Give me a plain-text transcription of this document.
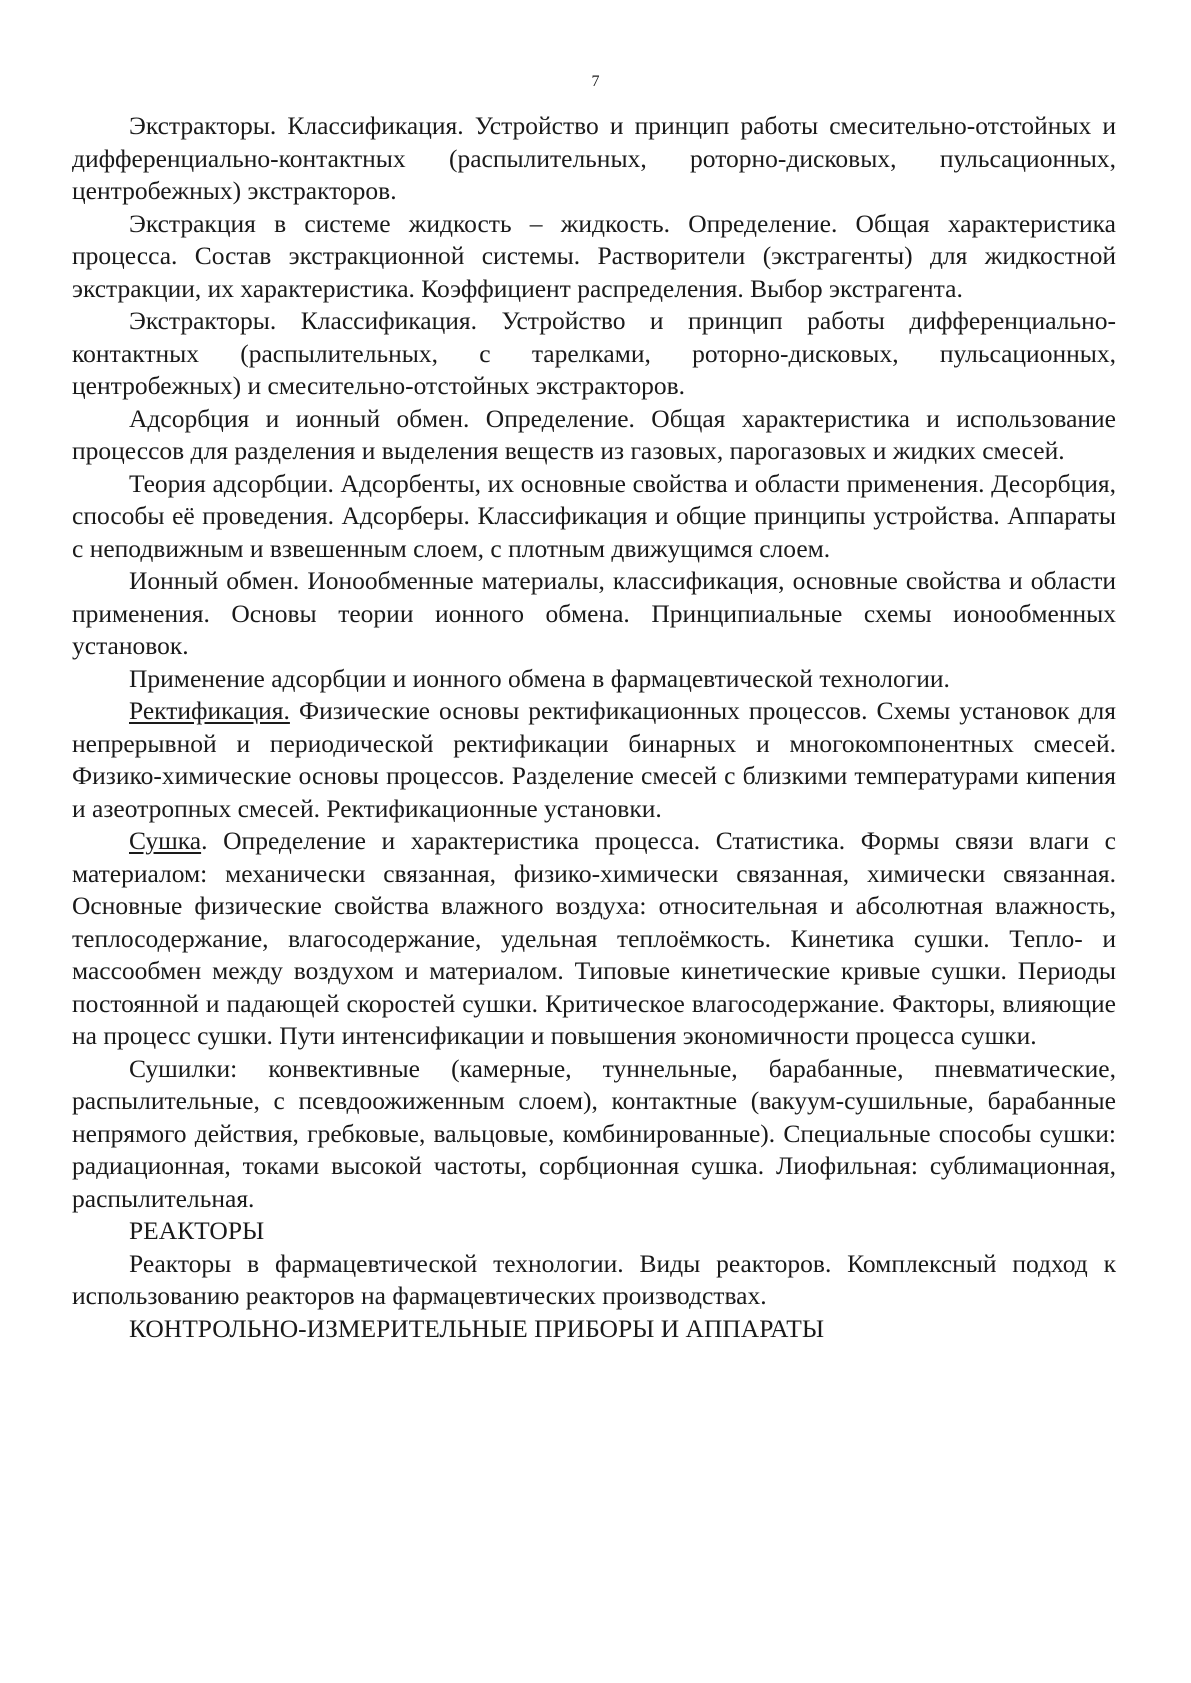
7

Экстракторы. Классификация. Устройство и принцип работы смесительно-отстойных и дифференциально-контактных (распылительных, роторно-дисковых, пульсационных, центробежных) экстракторов.

Экстракция в системе жидкость – жидкость. Определение. Общая характеристика процесса. Состав экстракционной системы. Растворители (экстрагенты) для жидкостной экстракции, их характеристика. Коэффициент распределения. Выбор экстрагента.

Экстракторы. Классификация. Устройство и принцип работы дифференциально-контактных (распылительных, с тарелками, роторно-дисковых, пульсационных, центробежных) и смесительно-отстойных экстракторов.

Адсорбция и ионный обмен. Определение. Общая характеристика и использование процессов для разделения и выделения веществ из газовых, парогазовых и жидких смесей.

Теория адсорбции. Адсорбенты, их основные свойства и области применения. Десорбция, способы её проведения. Адсорберы. Классификация и общие принципы устройства. Аппараты с неподвижным и взвешенным слоем, с плотным движущимся слоем.

Ионный обмен. Ионообменные материалы, классификация, основные свойства и области применения. Основы теории ионного обмена. Принципиальные схемы ионообменных установок.

Применение адсорбции и ионного обмена в фармацевтической технологии.

Ректификация. Физические основы ректификационных процессов. Схемы установок для непрерывной и периодической ректификации бинарных и многокомпонентных смесей. Физико-химические основы процессов. Разделение смесей с близкими температурами кипения и азеотропных смесей. Ректификационные установки.

Сушка. Определение и характеристика процесса. Статистика. Формы связи влаги с материалом: механически связанная, физико-химически связанная, химически связанная. Основные физические свойства влажного воздуха: относительная и абсолютная влажность, теплосодержание, влагосодержание, удельная теплоёмкость. Кинетика сушки. Тепло- и массообмен между воздухом и материалом. Типовые кинетические кривые сушки. Периоды постоянной и падающей скоростей сушки. Критическое влагосодержание. Факторы, влияющие на процесс сушки. Пути интенсификации и повышения экономичности процесса сушки.

Сушилки: конвективные (камерные, туннельные, барабанные, пневматические, распылительные, с псевдоожиженным слоем), контактные (вакуум-сушильные, барабанные непрямого действия, гребковые, вальцовые, комбинированные). Специальные способы сушки: радиационная, токами высокой частоты, сорбционная сушка. Лиофильная: сублимационная, распылительная.

РЕАКТОРЫ

Реакторы в фармацевтической технологии. Виды реакторов. Комплексный подход к использованию реакторов на фармацевтических производствах.

КОНТРОЛЬНО-ИЗМЕРИТЕЛЬНЫЕ ПРИБОРЫ И АППАРАТЫ
